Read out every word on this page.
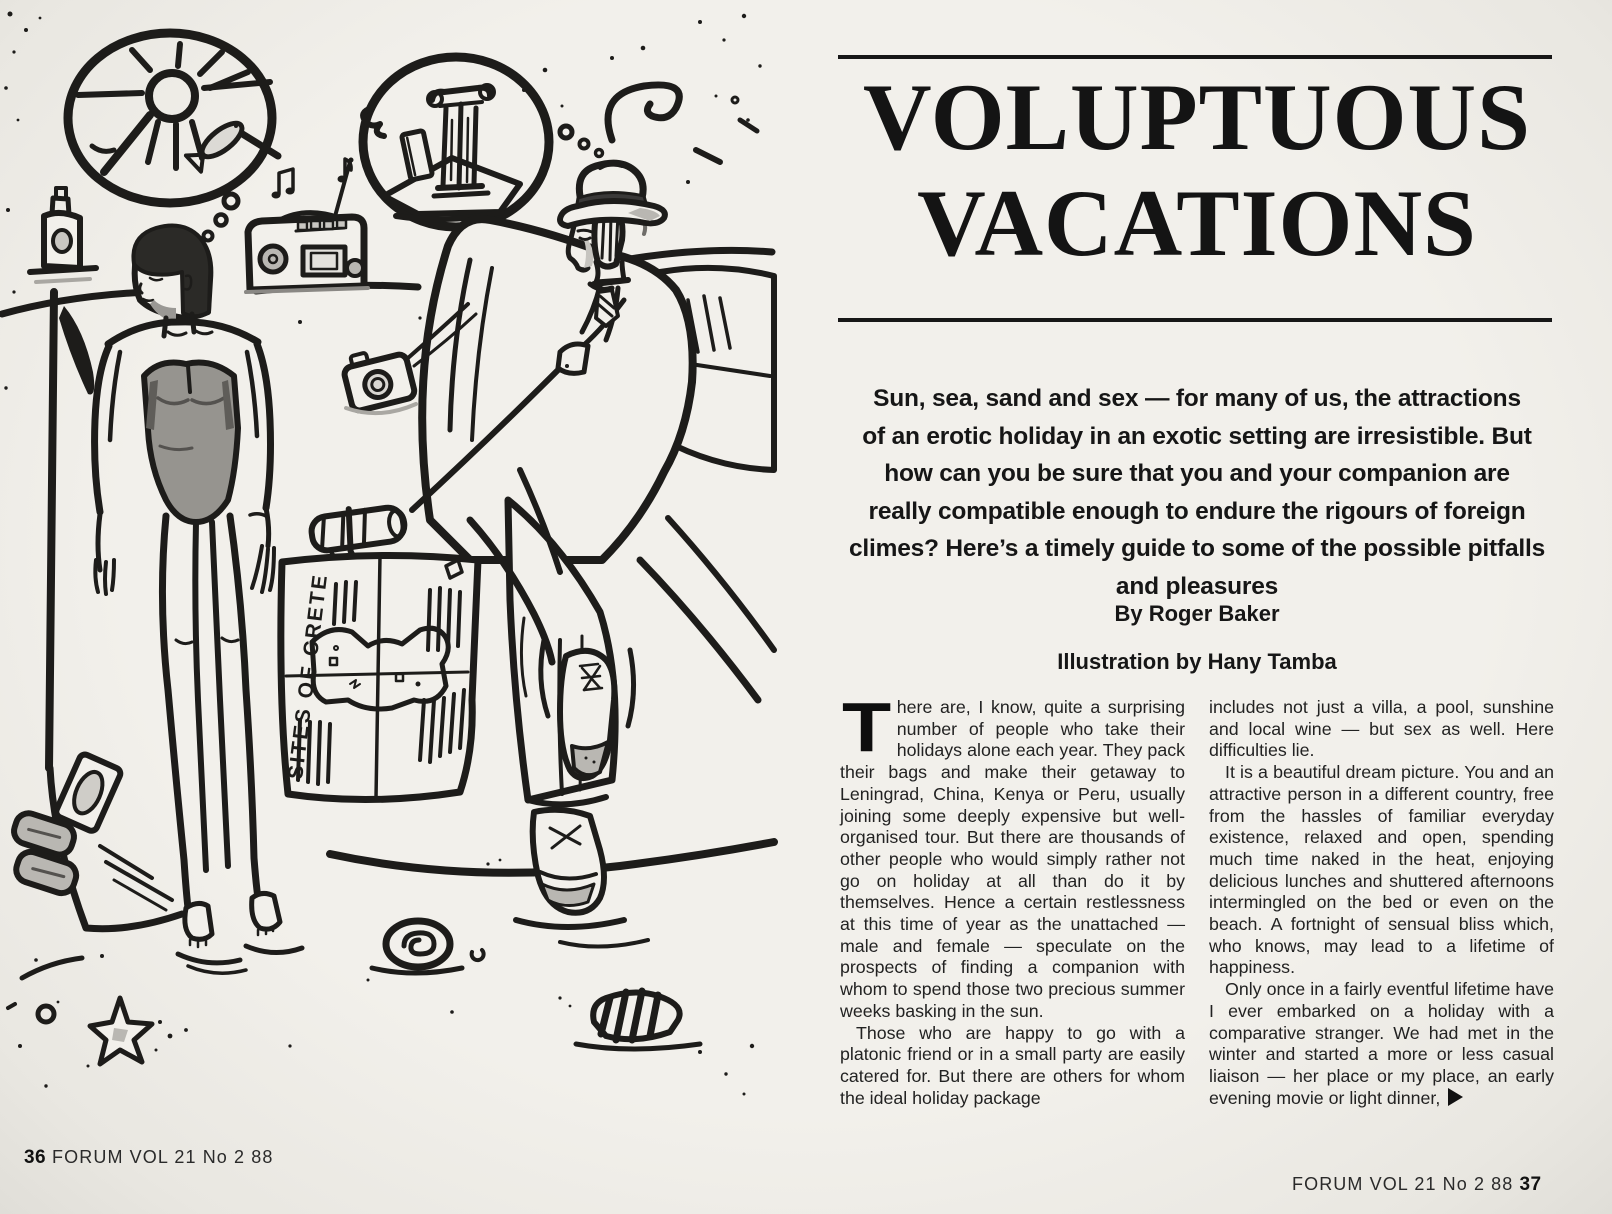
SITES OF CRETE
36 FORUM VOL 21 No 2 88
VOLUPTUOUS
VACATIONS
Sun, sea, sand and sex — for many of us, the attractions
of an erotic holiday in an exotic setting are irresistible. But
how can you be sure that you and your companion are
really compatible enough to endure the rigours of foreign
climes? Here’s a timely guide to some of the possible pitfalls
and pleasures
By Roger Baker
Illustration by Hany Tamba

There are, I know, quite a surprising number of people who take their holidays alone each year. They pack their bags and make their getaway to Leningrad, China, Kenya or Peru, usually joining some deeply expensive but well-organised tour. But there are thousands of other people who would simply rather not go on holiday at all than do it by themselves. Hence a certain restlessness at this time of year as the unattached — male and female — speculate on the prospects of finding a companion with whom to spend those two precious summer weeks basking in the sun.

Those who are happy to go with a platonic friend or in a small party are easily catered for. But there are others for whom the ideal holiday package

includes not just a villa, a pool, sunshine and local wine — but sex as well. Here difficulties lie.

It is a beautiful dream picture. You and an attractive person in a different country, free from the hassles of familiar everyday existence, relaxed and open, spending much time naked in the heat, enjoying delicious lunches and shuttered afternoons intermingled on the bed or even on the beach. A fortnight of sensual bliss which, who knows, may lead to a lifetime of happiness.

Only once in a fairly eventful lifetime have I ever embarked on a holiday with a comparative stranger. We had met in the winter and started a more or less casual liaison — her place or my place, an early evening movie or light dinner,

FORUM VOL 21 No 2 88 37
